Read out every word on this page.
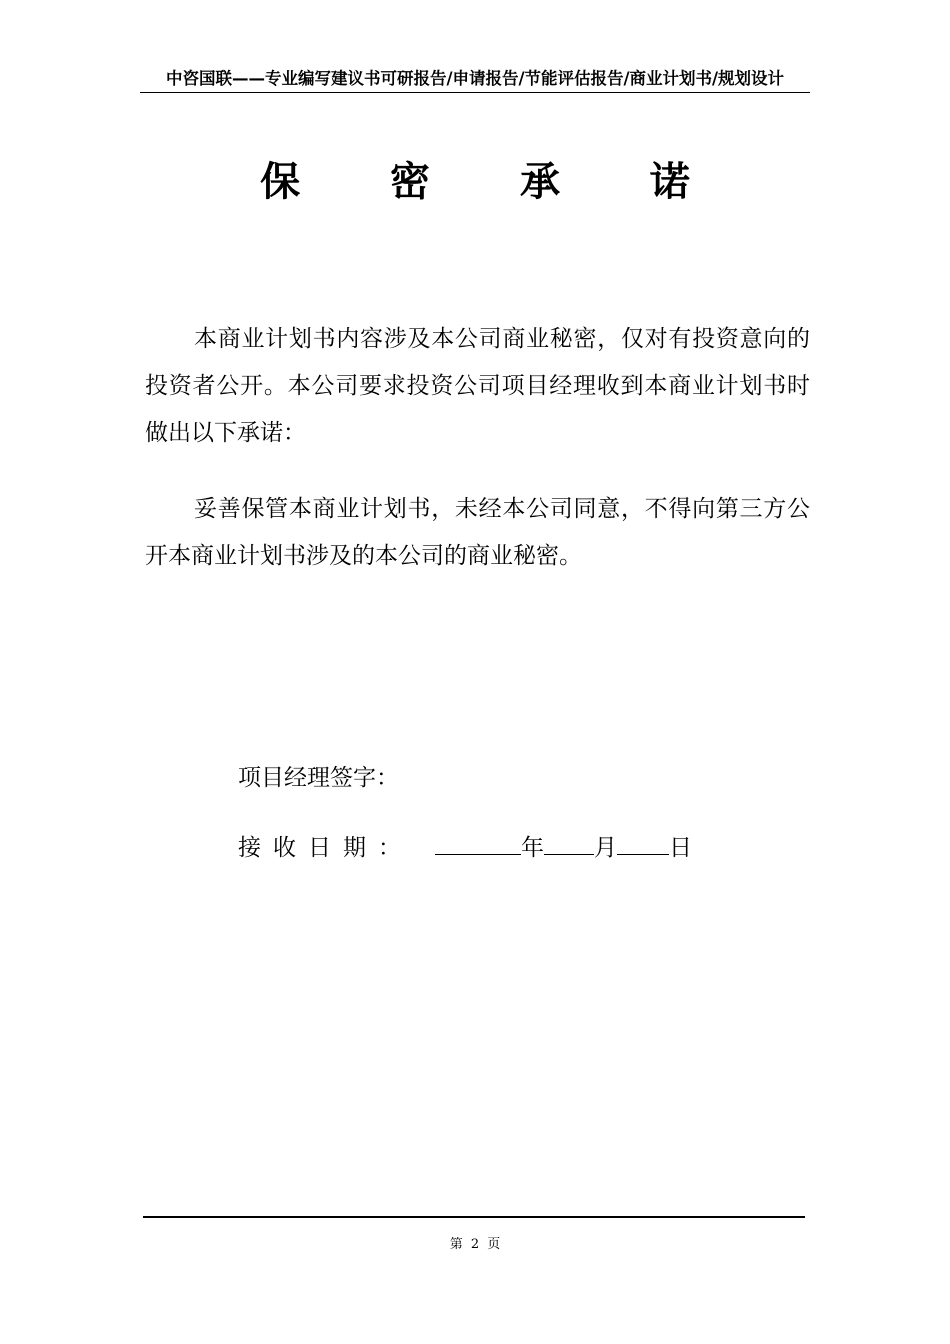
中咨国联——专业编写建议书可研报告/申请报告/节能评估报告/商业计划书/规划设计
保 密 承 诺

本商业计划书内容涉及本公司商业秘密，仅对有投资意向的投资者公开。本公司要求投资公司项目经理收到本商业计划书时做出以下承诺：

妥善保管本商业计划书，未经本公司同意，不得向第三方公开本商业计划书涉及的本公司的商业秘密。

项目经理签字：
接收日期：	年 月 日
第 2 页
